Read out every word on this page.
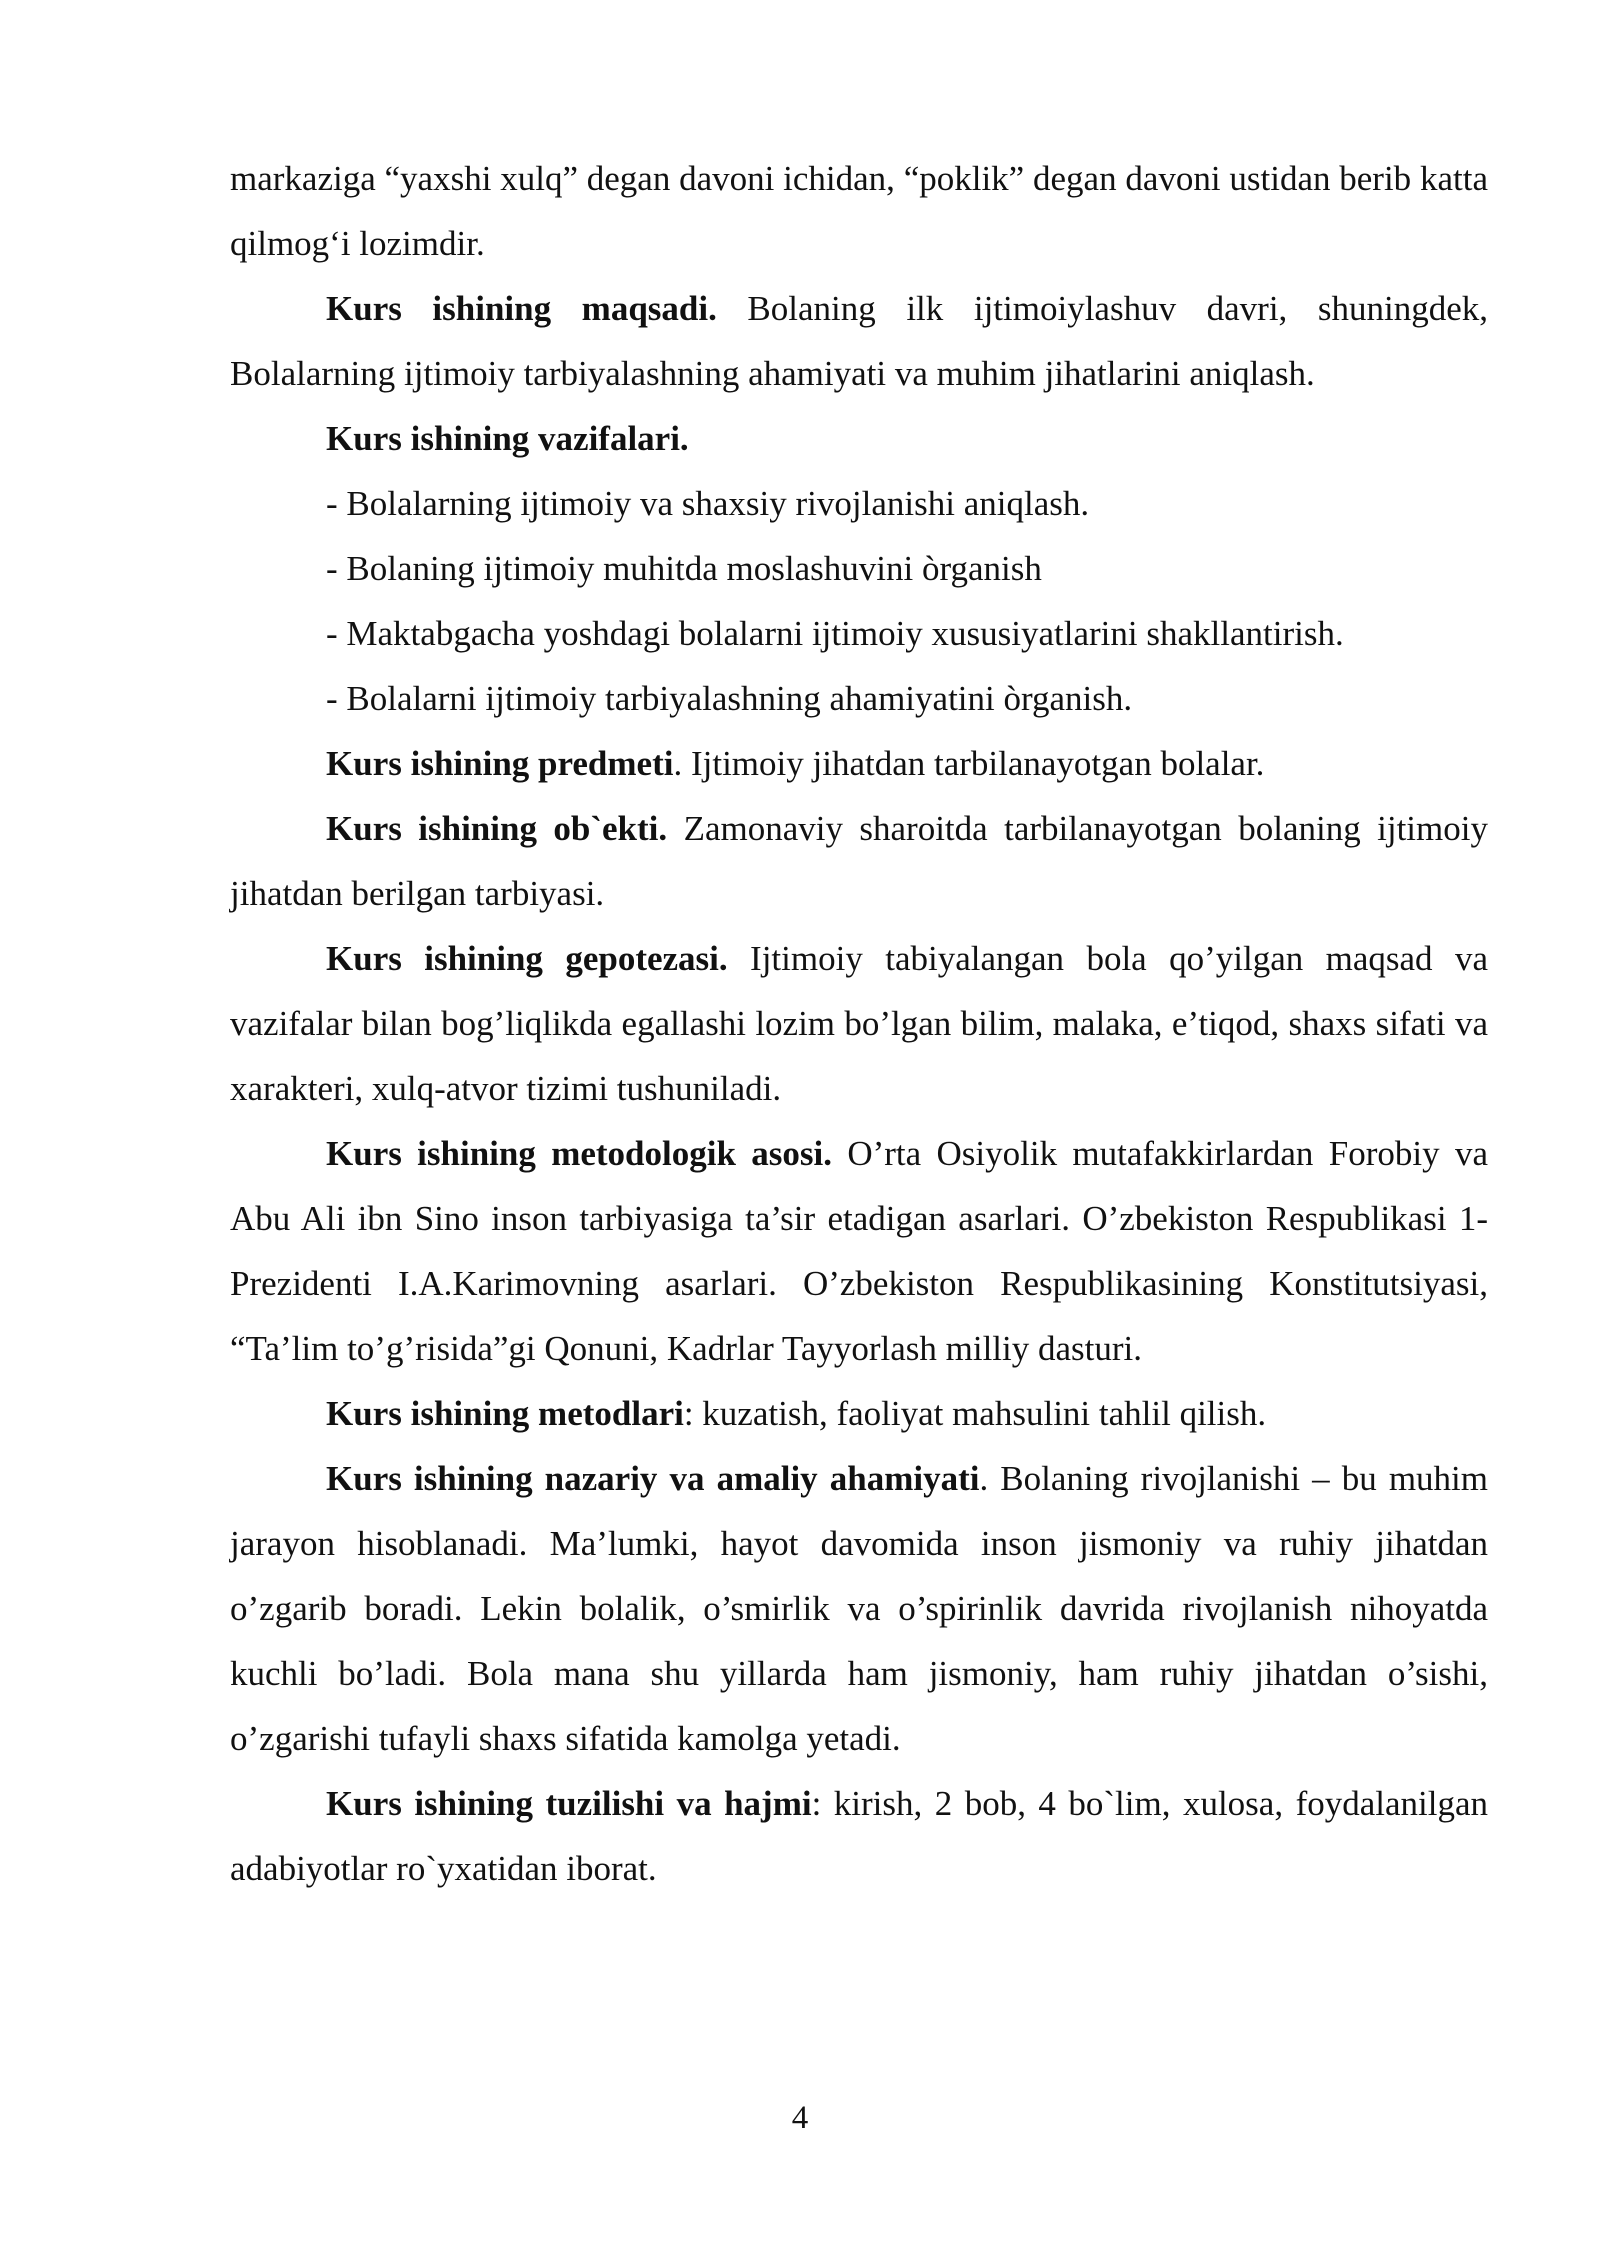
markaziga “yaxshi xulq” degan davoni ichidan, “poklik” degan davoni ustidan berib katta qilmog‘i lozimdir.

Kurs ishining maqsadi. Bolaning ilk ijtimoiylashuv davri, shuningdek, Bolalarning ijtimoiy tarbiyalashning ahamiyati va muhim jihatlarini aniqlash.

Kurs ishining vazifalari.

- Bolalarning ijtimoiy va shaxsiy rivojlanishi aniqlash.

- Bolaning ijtimoiy muhitda moslashuvini òrganish

- Maktabgacha yoshdagi bolalarni ijtimoiy xususiyatlarini shakllantirish.

- Bolalarni ijtimoiy tarbiyalashning ahamiyatini òrganish.

Kurs ishining predmeti. Ijtimoiy jihatdan tarbilanayotgan bolalar.

Kurs ishining ob`ekti. Zamonaviy sharoitda tarbilanayotgan bolaning ijtimoiy jihatdan berilgan tarbiyasi.

Kurs ishining gepotezasi. Ijtimoiy tabiyalangan bola qo’yilgan maqsad va vazifalar bilan bog’liqlikda egallashi lozim bo’lgan bilim, malaka, e’tiqod, shaxs sifati va xarakteri, xulq-atvor tizimi tushuniladi.

Kurs ishining metodologik asosi. O’rta Osiyolik mutafakkirlardan Forobiy va Abu Ali ibn Sino inson tarbiyasiga ta’sir etadigan asarlari. O’zbekiston Respublikasi 1-Prezidenti I.A.Karimovning asarlari. O’zbekiston Respublikasining Konstitutsiyasi, “Ta’lim to’g’risida”gi Qonuni, Kadrlar Tayyorlash milliy dasturi.

Kurs ishining metodlari: kuzatish, faoliyat mahsulini tahlil qilish.

Kurs ishining nazariy va amaliy ahamiyati. Bolaning rivojlanishi – bu muhim jarayon hisoblanadi. Ma’lumki, hayot davomida inson jismoniy va ruhiy jihatdan o’zgarib boradi. Lekin bolalik, o’smirlik va o’spirinlik davrida rivojlanish nihoyatda kuchli bo’ladi. Bola mana shu yillarda ham jismoniy, ham ruhiy jihatdan o’sishi, o’zgarishi tufayli shaxs sifatida kamolga yetadi.

Kurs ishining tuzilishi va hajmi: kirish, 2 bob, 4 bo`lim, xulosa, foydalanilgan adabiyotlar ro`yxatidan iborat.

4
